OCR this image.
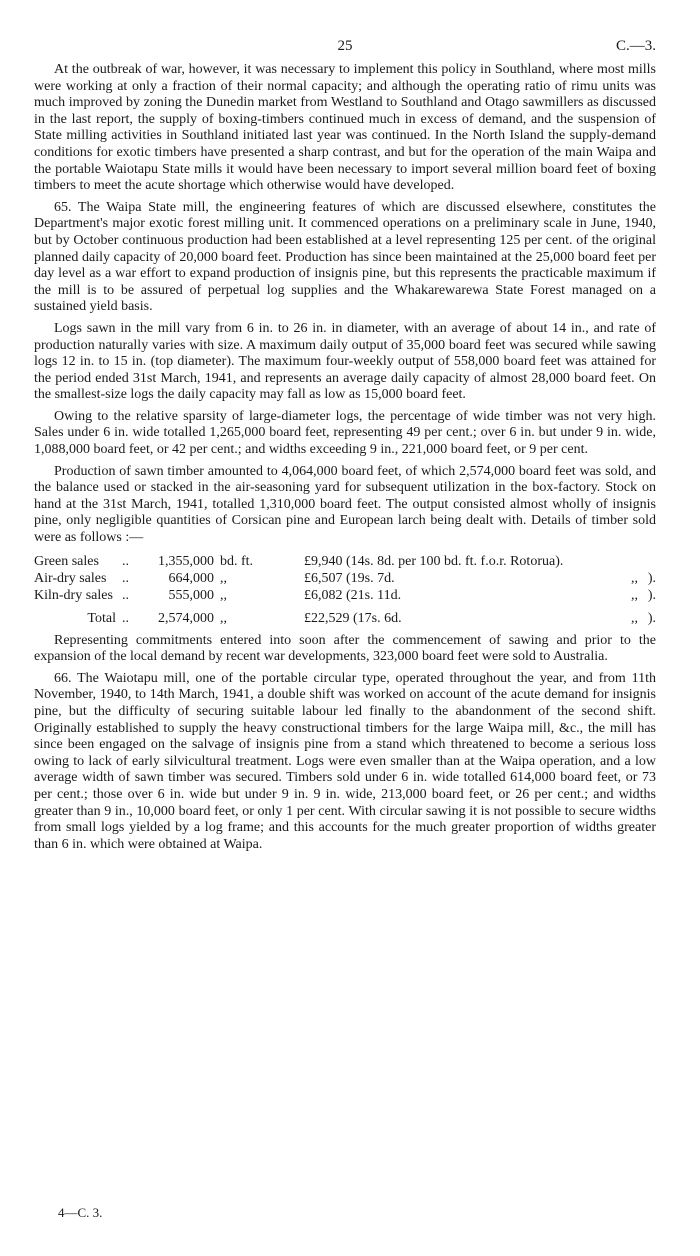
25	C.—3.

At the outbreak of war, however, it was necessary to implement this policy in Southland, where most mills were working at only a fraction of their normal capacity; and although the operating ratio of rimu units was much improved by zoning the Dunedin market from Westland to Southland and Otago sawmillers as discussed in the last report, the supply of boxing-timbers continued much in excess of demand, and the suspension of State milling activities in Southland initiated last year was continued. In the North Island the supply-demand conditions for exotic timbers have presented a sharp contrast, and but for the operation of the main Waipa and the portable Waiotapu State mills it would have been necessary to import several million board feet of boxing timbers to meet the acute shortage which otherwise would have developed.

65. The Waipa State mill, the engineering features of which are discussed elsewhere, constitutes the Department's major exotic forest milling unit. It commenced operations on a preliminary scale in June, 1940, but by October continuous production had been established at a level representing 125 per cent. of the original planned daily capacity of 20,000 board feet. Production has since been maintained at the 25,000 board feet per day level as a war effort to expand production of insignis pine, but this represents the practicable maximum if the mill is to be assured of perpetual log supplies and the Whakarewarewa State Forest managed on a sustained yield basis.

Logs sawn in the mill vary from 6 in. to 26 in. in diameter, with an average of about 14 in., and rate of production naturally varies with size. A maximum daily output of 35,000 board feet was secured while sawing logs 12 in. to 15 in. (top diameter). The maximum four-weekly output of 558,000 board feet was attained for the period ended 31st March, 1941, and represents an average daily capacity of almost 28,000 board feet. On the smallest-size logs the daily capacity may fall as low as 15,000 board feet.

Owing to the relative sparsity of large-diameter logs, the percentage of wide timber was not very high. Sales under 6 in. wide totalled 1,265,000 board feet, representing 49 per cent.; over 6 in. but under 9 in. wide, 1,088,000 board feet, or 42 per cent.; and widths exceeding 9 in., 221,000 board feet, or 9 per cent.

Production of sawn timber amounted to 4,064,000 board feet, of which 2,574,000 board feet was sold, and the balance used or stacked in the air-seasoning yard for subsequent utilization in the box-factory. Stock on hand at the 31st March, 1941, totalled 1,310,000 board feet. The output consisted almost wholly of insignis pine, only negligible quantities of Corsican pine and European larch being dealt with. Details of timber sold were as follows :—

Green sales	..	1,355,000	bd. ft.	£9,940 (14s. 8d. per 100 bd. ft. f.o.r. Rotorua).		
Air-dry sales	..	664,000	,,	£6,507 (19s. 7d.	,,	).
Kiln-dry sales	..	555,000	,,	£6,082 (21s. 11d.	,,	).
Total	..	2,574,000	,,	£22,529 (17s. 6d.	,,	).

Representing commitments entered into soon after the commencement of sawing and prior to the expansion of the local demand by recent war developments, 323,000 board feet were sold to Australia.

66. The Waiotapu mill, one of the portable circular type, operated throughout the year, and from 11th November, 1940, to 14th March, 1941, a double shift was worked on account of the acute demand for insignis pine, but the difficulty of securing suitable labour led finally to the abandonment of the second shift. Originally established to supply the heavy constructional timbers for the large Waipa mill, &c., the mill has since been engaged on the salvage of insignis pine from a stand which threatened to become a serious loss owing to lack of early silvicultural treatment. Logs were even smaller than at the Waipa operation, and a low average width of sawn timber was secured. Timbers sold under 6 in. wide totalled 614,000 board feet, or 73 per cent.; those over 6 in. wide but under 9 in. 9 in. wide, 213,000 board feet, or 26 per cent.; and widths greater than 9 in., 10,000 board feet, or only 1 per cent. With circular sawing it is not possible to secure widths from small logs yielded by a log frame; and this accounts for the much greater proportion of widths greater than 6 in. which were obtained at Waipa.

4—C. 3.
